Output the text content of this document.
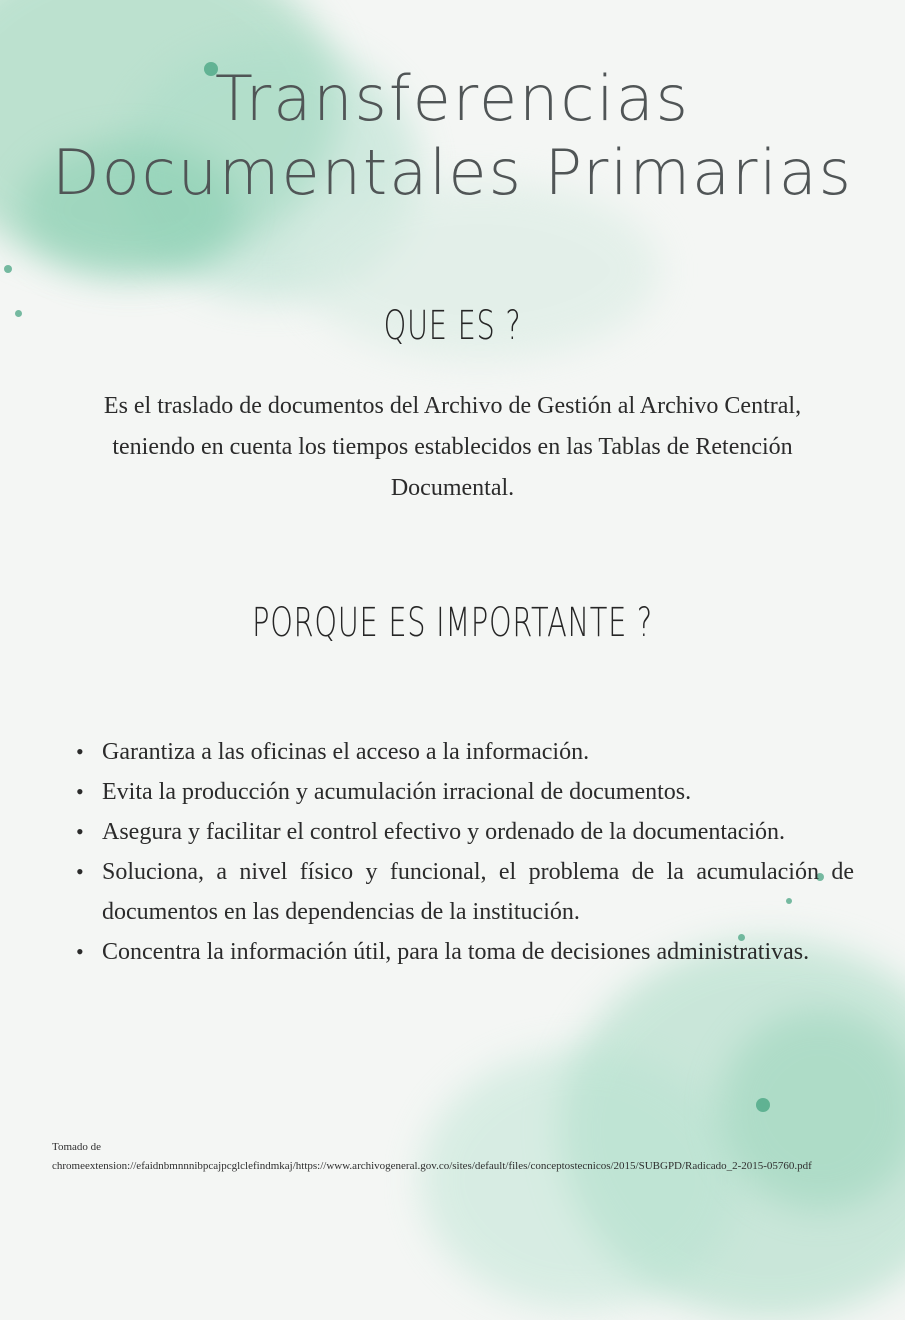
Transferencias
Documentales Primarias
QUE ES ?

Es el traslado de documentos del Archivo de Gestión al Archivo Central, teniendo en cuenta los tiempos establecidos en las Tablas de Retención Documental.

PORQUE ES IMPORTANTE ?
• Garantiza a las oficinas el acceso a la información.
• Evita la producción y acumulación irracional de documentos.
• Asegura y facilitar el control efectivo y ordenado de la documentación.
• Soluciona, a nivel físico y funcional, el problema de la acumulación de documentos en las dependencias de la institución.
• Concentra la información útil, para la toma de decisiones administrativas.

Tomado de
chromeextension://efaidnbmnnnibpcajpcglclefindmkaj/https://www.archivogeneral.gov.co/sites/default/files/conceptostecnicos/2015/SUBGPD/Radicado_2-2015-05760.pdf
